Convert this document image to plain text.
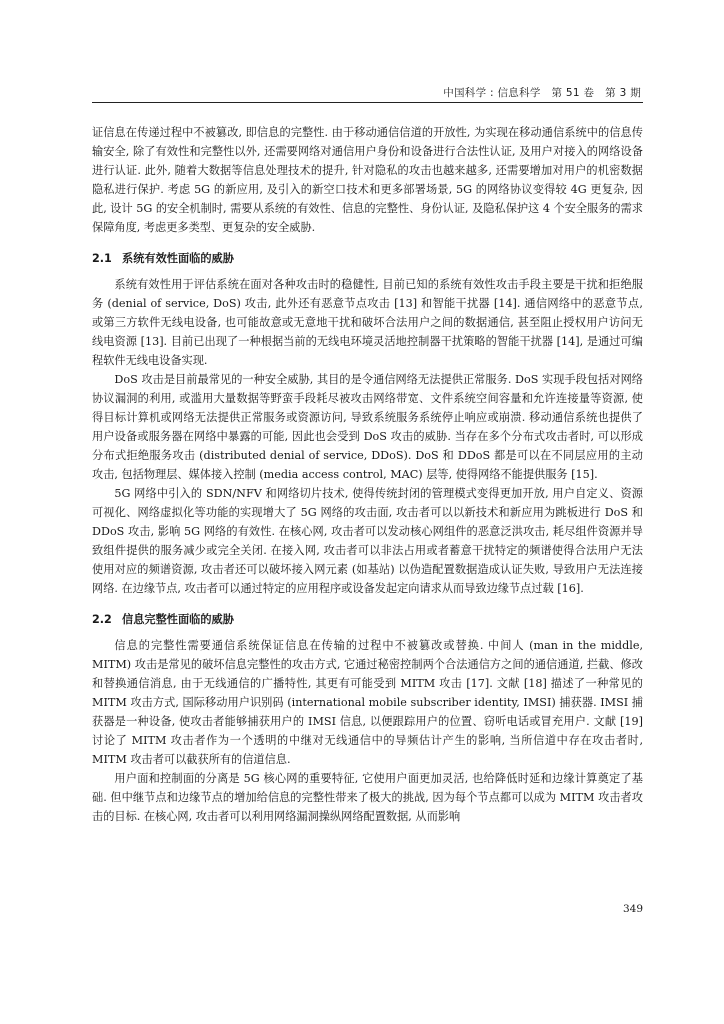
中国科学 : 信息科学　第 51 卷　第 3 期

证信息在传递过程中不被篡改, 即信息的完整性. 由于移动通信信道的开放性, 为实现在移动通信系统中的信息传输安全, 除了有效性和完整性以外, 还需要网络对通信用户身份和设备进行合法性认证, 及用户对接入的网络设备进行认证. 此外, 随着大数据等信息处理技术的提升, 针对隐私的攻击也越来越多, 还需要增加对用户的机密数据隐私进行保护. 考虑 5G 的新应用, 及引入的新空口技术和更多部署场景, 5G 的网络协议变得较 4G 更复杂, 因此, 设计 5G 的安全机制时, 需要从系统的有效性、信息的完整性、身份认证, 及隐私保护这 4 个安全服务的需求保障角度, 考虑更多类型、更复杂的安全威胁.

2.1 系统有效性面临的威胁

系统有效性用于评估系统在面对各种攻击时的稳健性, 目前已知的系统有效性攻击手段主要是干扰和拒绝服务 (denial of service, DoS) 攻击, 此外还有恶意节点攻击 [13] 和智能干扰器 [14]. 通信网络中的恶意节点, 或第三方软件无线电设备, 也可能故意或无意地干扰和破坏合法用户之间的数据通信, 甚至阻止授权用户访问无线电资源 [13]. 目前已出现了一种根据当前的无线电环境灵活地控制器干扰策略的智能干扰器 [14], 是通过可编程软件无线电设备实现.

DoS 攻击是目前最常见的一种安全威胁, 其目的是令通信网络无法提供正常服务. DoS 实现手段包括对网络协议漏洞的利用, 或滥用大量数据等野蛮手段耗尽被攻击网络带宽、文件系统空间容量和允许连接量等资源, 使得目标计算机或网络无法提供正常服务或资源访问, 导致系统服务系统停止响应或崩溃. 移动通信系统也提供了用户设备或服务器在网络中暴露的可能, 因此也会受到 DoS 攻击的威胁. 当存在多个分布式攻击者时, 可以形成分布式拒绝服务攻击 (distributed denial of service, DDoS). DoS 和 DDoS 都是可以在不同层应用的主动攻击, 包括物理层、媒体接入控制 (media access control, MAC) 层等, 使得网络不能提供服务 [15].

5G 网络中引入的 SDN/NFV 和网络切片技术, 使得传统封闭的管理模式变得更加开放, 用户自定义、资源可视化、网络虚拟化等功能的实现增大了 5G 网络的攻击面, 攻击者可以以新技术和新应用为跳板进行 DoS 和 DDoS 攻击, 影响 5G 网络的有效性. 在核心网, 攻击者可以发动核心网组件的恶意泛洪攻击, 耗尽组件资源并导致组件提供的服务减少或完全关闭. 在接入网, 攻击者可以非法占用或者蓄意干扰特定的频谱使得合法用户无法使用对应的频谱资源, 攻击者还可以破坏接入网元素 (如基站) 以伪造配置数据造成认证失败, 导致用户无法连接网络. 在边缘节点, 攻击者可以通过特定的应用程序或设备发起定向请求从而导致边缘节点过载 [16].

2.2 信息完整性面临的威胁

信息的完整性需要通信系统保证信息在传输的过程中不被篡改或替换. 中间人 (man in the middle, MITM) 攻击是常见的破坏信息完整性的攻击方式, 它通过秘密控制两个合法通信方之间的通信通道, 拦截、修改和替换通信消息, 由于无线通信的广播特性, 其更有可能受到 MITM 攻击 [17]. 文献 [18] 描述了一种常见的 MITM 攻击方式, 国际移动用户识别码 (international mobile subscriber identity, IMSI) 捕获器. IMSI 捕获器是一种设备, 使攻击者能够捕获用户的 IMSI 信息, 以便跟踪用户的位置、窃听电话或冒充用户. 文献 [19] 讨论了 MITM 攻击者作为一个透明的中继对无线通信中的导频估计产生的影响, 当所信道中存在攻击者时, MITM 攻击者可以截获所有的信道信息.

用户面和控制面的分离是 5G 核心网的重要特征, 它使用户面更加灵活, 也给降低时延和边缘计算奠定了基础. 但中继节点和边缘节点的增加给信息的完整性带来了极大的挑战, 因为每个节点都可以成为 MITM 攻击者攻击的目标. 在核心网, 攻击者可以利用网络漏洞操纵网络配置数据, 从而影响

349
